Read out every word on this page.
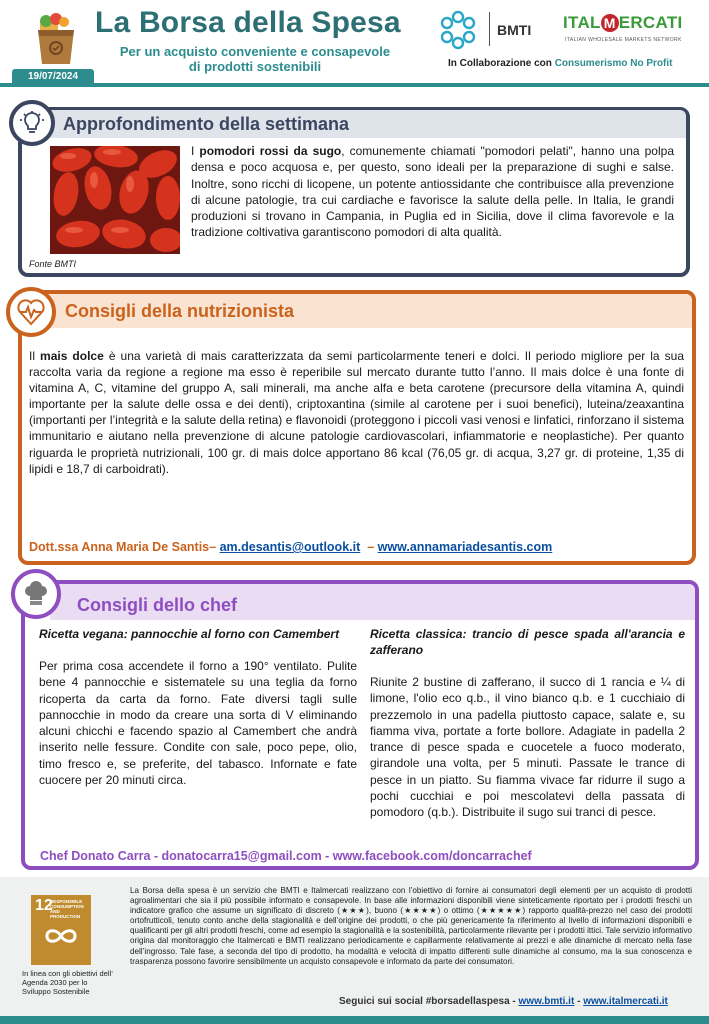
La Borsa della Spesa
Per un acquisto conveniente e consapevole
di prodotti sostenibili
BMTI ITAL M ERCATI
ITALIAN WHOLESALE MARKETS NETWORK
In Collaborazione con Consumerismo No Profit
19/07/2024
Approfondimento della settimana
Fonte BMTI
I pomodori rossi da sugo, comunemente chiamati "pomodori pelati", hanno una polpa densa e poco acquosa e, per questo, sono ideali per la preparazione di sughi e salse. Inoltre, sono ricchi di licopene, un potente antiossidante che contribuisce alla prevenzione di alcune patologie, tra cui cardiache e favorisce la salute della pelle. In Italia, le grandi produzioni si trovano in Campania, in Puglia ed in Sicilia, dove il clima favorevole e la tradizione coltivativa garantiscono pomodori di alta qualità.
Consigli della nutrizionista
Il mais dolce è una varietà di mais caratterizzata da semi particolarmente teneri e dolci. Il periodo migliore per la sua raccolta varia da regione a regione ma esso è reperibile sul mercato durante tutto l’anno. Il mais dolce è una fonte di vitamina A, C, vitamine del gruppo A, sali minerali, ma anche alfa e beta carotene (precursore della vitamina A, quindi importante per la salute delle ossa e dei denti), criptoxantina (simile al carotene per i suoi benefici), luteina/zeaxantina (importanti per l’integrità e la salute della retina) e flavonoidi (proteggono i piccoli vasi venosi e linfatici, rinforzano il sistema immunitario e aiutano nella prevenzione di alcune patologie cardiovascolari, infiammatorie e neoplastiche). Per quanto riguarda le proprietà nutrizionali, 100 gr. di mais dolce apportano 86 kcal (76,05 gr. di acqua, 3,27 gr. di proteine, 1,35 di lipidi e 18,7 di carboidrati).
Dott.ssa Anna Maria De Santis– am.desantis@outlook.it – www.annamariadesantis.com
Consigli dello chef
Ricetta vegana: pannocchie al forno con Camembert

Per prima cosa accendete il forno a 190° ventilato. Pulite bene 4 pannocchie e sistematele su una teglia da forno ricoperta da carta da forno. Fate diversi tagli sulle pannocchie in modo da creare una sorta di V eliminando alcuni chicchi e facendo spazio al Camembert che andrà inserito nelle fessure. Condite con sale, poco pepe, olio, timo fresco e, se preferite, del tabasco. Infornate e fate cuocere per 20 minuti circa.

Ricetta classica: trancio di pesce spada all'arancia e zafferano

Riunite 2 bustine di zafferano, il succo di 1 rancia e ¼ di limone, l'olio eco q.b., il vino bianco q.b. e 1 cucchiaio di prezzemolo in una padella piuttosto capace, salate e, su fiamma viva, portate a forte bollore. Adagiate in padella 2 trance di pesce spada e cuocetele a fuoco moderato, girandole una volta, per 5 minuti. Passate le trance di pesce in un piatto. Su fiamma vivace far ridurre il sugo a pochi cucchiai e poi mescolatevi della passata di pomodoro (q.b.). Distribuite il sugo sui tranci di pesce.

Chef Donato Carra - donatocarra15@gmail.com - www.facebook.com/doncarrachef
12
RESPONSIBLE CONSUMPTION AND PRODUCTION
In linea con gli obiettivi dell’ Agenda 2030 per lo Sviluppo Sostenibile
La Borsa della spesa è un servizio che BMTI e Italmercati realizzano con l’obiettivo di fornire ai consumatori degli elementi per un acquisto di prodotti agroalimentari che sia il più possibile informato e consapevole. In base alle informazioni disponibili viene sinteticamente riportato per i prodotti freschi un indicatore grafico che assume un significato di discreto (★★★), buono (★★★★) o ottimo (★★★★★) rapporto qualità-prezzo nel caso dei prodotti ortofrutticoli, tenuto conto anche della stagionalità e dell’origine dei prodotti, o che più genericamente fa riferimento al livello di informazioni disponibili e qualificanti per gli altri prodotti freschi, come ad esempio la stagionalità e la sostenibilità, particolarmente rilevante per i prodotti ittici. Tale servizio informativo origina dal monitoraggio che Italmercati e BMTI realizzano periodicamente e capillarmente relativamente ai prezzi e alle dinamiche di mercato nella fase dell’ingrosso. Tale fase, a seconda del tipo di prodotto, ha modalità e velocità di impatto differenti sulle dinamiche al consumo, ma la sua conoscenza e trasparenza possono favorire sensibilmente un acquisto consapevole e informato da parte dei consumatori.
Seguici sui social #borsadellaspesa - www.bmti.it - www.italmercati.it
